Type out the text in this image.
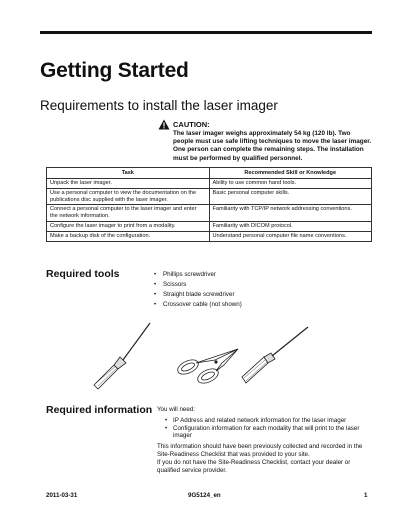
Getting Started
Requirements to install the laser imager
CAUTION:
The laser imager weighs approximately 54 kg (120 lb). Two people must use safe lifting techniques to move the laser imager. One person can complete the remaining steps. The installation must be performed by qualified personnel.
Task	Recommended Skill or Knowledge
Unpack the laser imager.	Ability to use common hand tools.
Use a personal computer to view the documentation on the publications disc supplied with the laser imager.	Basic personal computer skills.
Connect a personal computer to the laser imager and enter the network information.	Familiarity with TCP/IP network addressing conventions.
Configure the laser imager to print from a modality.	Familiarity with DICOM protocol.
Make a backup disk of the configuration.	Understand personal computer file name conventions.
Required tools	• Phillips screwdriver
• Scissors
• Straight blade screwdriver
• Crossover cable (not shown)
Required information You will need:

• IP Address and related network information for the laser imager
• Configuration information for each modality that will print to the laser imager

This information should have been previously collected and recorded in the Site-Readiness Checklist that was provided to your site.

If you do not have the Site-Readiness Checklist, contact your dealer or qualified service provider.

2011-03-31	9G5124_en	1
